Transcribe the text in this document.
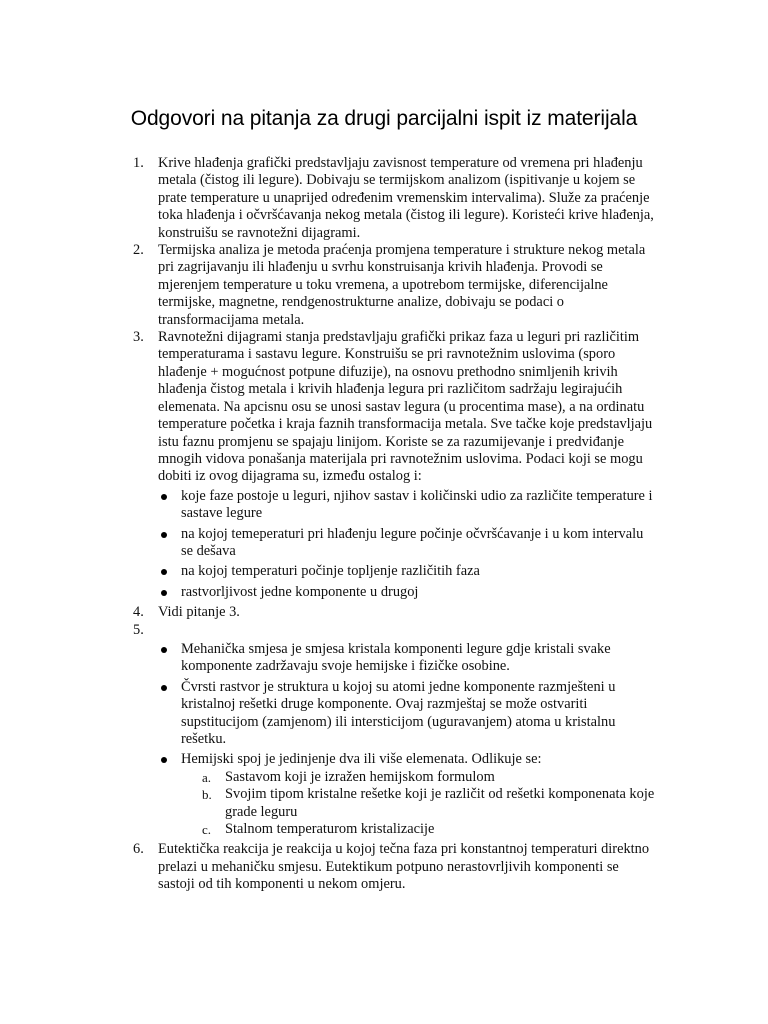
Odgovori na pitanja za drugi parcijalni ispit iz materijala
1. Krive hlađenja grafički predstavljaju zavisnost temperature od vremena pri hlađenju metala (čistog ili legure). Dobivaju se termijskom analizom (ispitivanje u kojem se prate temperature u unaprijed određenim vremenskim intervalima). Služe za praćenje toka hlađenja i očvršćavanja nekog metala (čistog ili legure). Koristeći krive hlađenja, konstruišu se ravnotežni dijagrami.
2. Termijska analiza je metoda praćenja promjena temperature i strukture nekog metala pri zagrijavanju ili hlađenju u svrhu konstruisanja krivih hlađenja. Provodi se mjerenjem temperature u toku vremena, a upotrebom termijske, diferencijalne termijske, magnetne, rendgenostrukturne analize, dobivaju se podaci o transformacijama metala.
3. Ravnotežni dijagrami stanja predstavljaju grafički prikaz faza u leguri pri različitim temperaturama i sastavu legure. Konstruišu se pri ravnotežnim uslovima (sporo hlađenje + mogućnost potpune difuzije), na osnovu prethodno snimljenih krivih hlađenja čistog metala i krivih hlađenja legura pri različitom sadržaju legirajućih elemenata. Na apcisnu osu se unosi sastav legura (u procentima mase), a na ordinatu temperature početka i kraja faznih transformacija metala. Sve tačke koje predstavljaju istu faznu promjenu se spajaju linijom. Koriste se za razumijevanje i predviđanje mnogih vidova ponašanja materijala pri ravnotežnim uslovima. Podaci koji se mogu dobiti iz ovog dijagrama su, između ostalog i:
koje faze postoje u leguri, njihov sastav i količinski udio za različite temperature i sastave legure
na kojoj temeperaturi pri hlađenju legure počinje očvršćavanje i u kom intervalu se dešava
na kojoj temperaturi počinje topljenje različitih faza
rastvorljivost jedne komponente u drugoj
4. Vidi pitanje 3.
5.

Mehanička smjesa je smjesa kristala komponenti legure gdje kristali svake komponente zadržavaju svoje hemijske i fizičke osobine.
Čvrsti rastvor je struktura u kojoj su atomi jedne komponente razmješteni u kristalnoj rešetki druge komponente. Ovaj razmještaj se može ostvariti supstitucijom (zamjenom) ili intersticijom (uguravanjem) atoma u kristalnu rešetku.
Hemijski spoj je jedinjenje dva ili više elemenata. Odlikuje se:
a. Sastavom koji je izražen hemijskom formulom
b. Svojim tipom kristalne rešetke koji je različit od rešetki komponenata koje grade leguru
c. Stalnom temperaturom kristalizacije
6. Eutektička reakcija je reakcija u kojoj tečna faza pri konstantnoj temperaturi direktno prelazi u mehaničku smjesu. Eutektikum potpuno nerastovrljivih komponenti se sastoji od tih komponenti u nekom omjeru.
